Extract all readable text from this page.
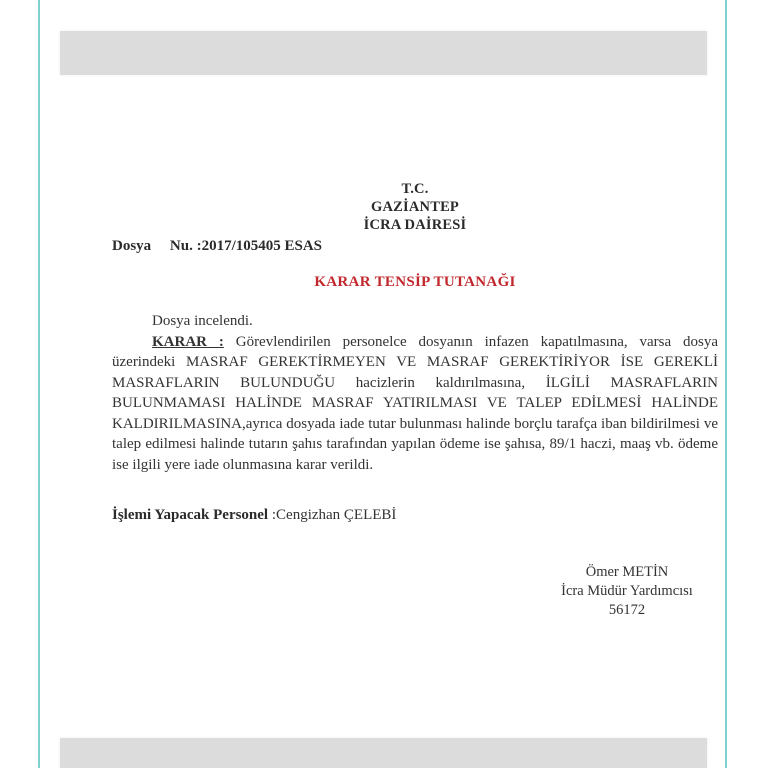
T.C.
GAZİANTEP
İCRA DAİRESİ
Dosya     Nu. :2017/105405 ESAS
KARAR TENSİP TUTANAĞI

Dosya incelendi.

KARAR : Görevlendirilen personelce dosyanın infazen kapatılmasına, varsa dosya üzerindeki MASRAF GEREKTİRMEYEN VE MASRAF GEREKTİRİYOR İSE GEREKLİ MASRAFLARIN BULUNDUĞU hacizlerin kaldırılmasına, İLGİLİ MASRAFLARIN BULUNMAMASI HALİNDE MASRAF YATIRILMASI VE TALEP EDİLMESİ HALİNDE KALDIRILMASINA,ayrıca dosyada iade tutar bulunması halinde borçlu tarafça iban bildirilmesi ve talep edilmesi halinde tutarın şahıs tarafından yapılan ödeme ise şahısa, 89/1 haczi, maaş vb. ödeme ise ilgili yere iade olunmasına karar verildi.

İşlemi Yapacak Personel :Cengizhan ÇELEBİ
Ömer METİN
İcra Müdür Yardımcısı
56172
